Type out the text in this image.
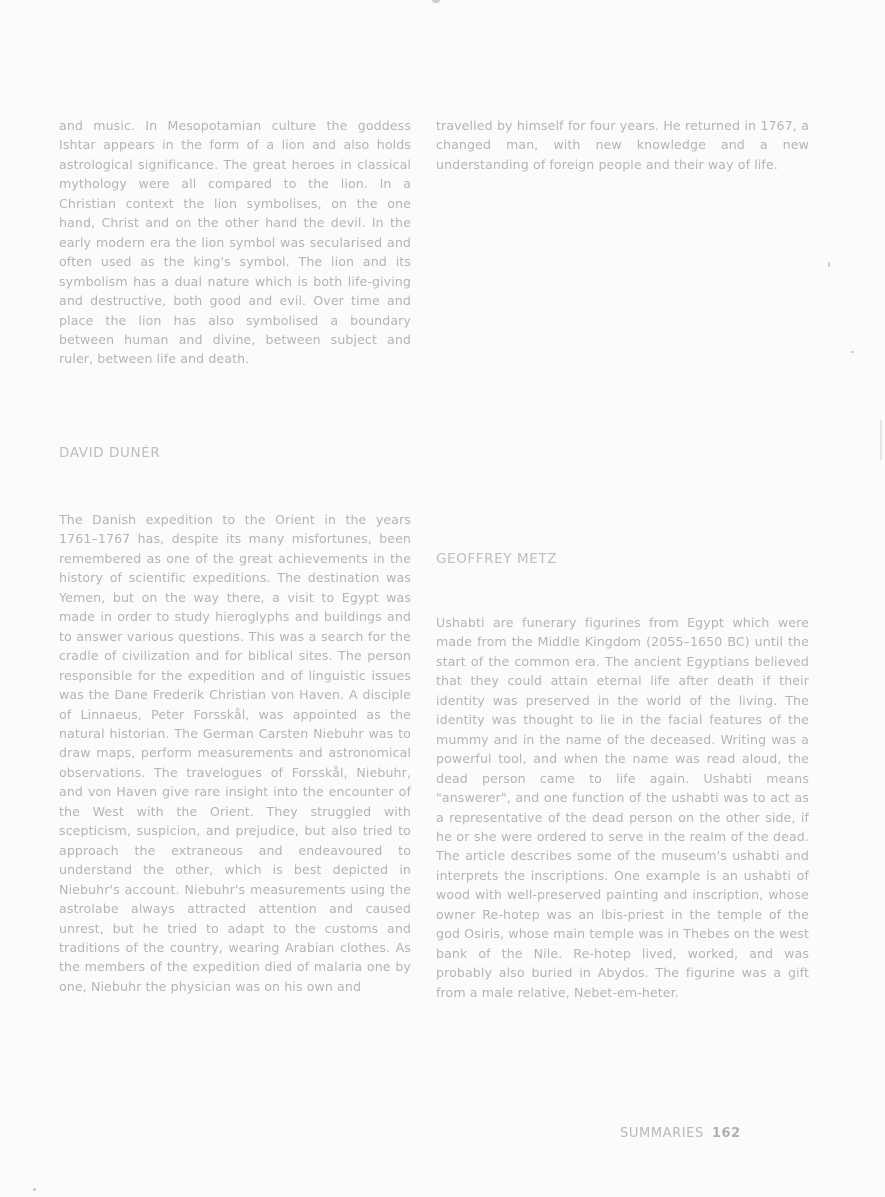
and music. In Mesopotamian culture the goddess Ishtar appears in the form of a lion and also holds astrological significance. The great heroes in classical mythology were all compared to the lion. In a Christian context the lion symbolises, on the one hand, Christ and on the other hand the devil. In the early modern era the lion symbol was secularised and often used as the king's symbol. The lion and its symbolism has a dual nature which is both life-giving and destructive, both good and evil. Over time and place the lion has also symbolised a boundary between human and divine, between subject and ruler, between life and death.

DAVID DUNÉR

The Danish expedition to the Orient in the years 1761–1767 has, despite its many misfortunes, been remembered as one of the great achievements in the history of scientific expeditions. The destination was Yemen, but on the way there, a visit to Egypt was made in order to study hieroglyphs and buildings and to answer various questions. This was a search for the cradle of civilization and for biblical sites. The person responsible for the expedition and of linguistic issues was the Dane Frederik Christian von Haven. A disciple of Linnaeus, Peter Forsskål, was appointed as the natural historian. The German Carsten Niebuhr was to draw maps, perform measurements and astronomical observations. The travelogues of Forsskål, Niebuhr, and von Haven give rare insight into the encounter of the West with the Orient. They struggled with scepticism, suspicion, and prejudice, but also tried to approach the extraneous and endeavoured to understand the other, which is best depicted in Niebuhr's account. Niebuhr's measurements using the astrolabe always attracted attention and caused unrest, but he tried to adapt to the customs and traditions of the country, wearing Arabian clothes. As the members of the expedition died of malaria one by one, Niebuhr the physician was on his own and

travelled by himself for four years. He returned in 1767, a changed man, with new knowledge and a new understanding of foreign people and their way of life.

GEOFFREY METZ

Ushabti are funerary figurines from Egypt which were made from the Middle Kingdom (2055–1650 BC) until the start of the common era. The ancient Egyptians believed that they could attain eternal life after death if their identity was preserved in the world of the living. The identity was thought to lie in the facial features of the mummy and in the name of the deceased. Writing was a powerful tool, and when the name was read aloud, the dead person came to life again. Ushabti means "answerer", and one function of the ushabti was to act as a representative of the dead person on the other side, if he or she were ordered to serve in the realm of the dead. The article describes some of the museum's ushabti and interprets the inscriptions. One example is an ushabti of wood with well-preserved painting and inscription, whose owner Re-hotep was an lbis-priest in the temple of the god Osiris, whose main temple was in Thebes on the west bank of the Nile. Re-hotep lived, worked, and was probably also buried in Abydos. The figurine was a gift from a male relative, Nebet-em-heter.

SUMMARIES 162
